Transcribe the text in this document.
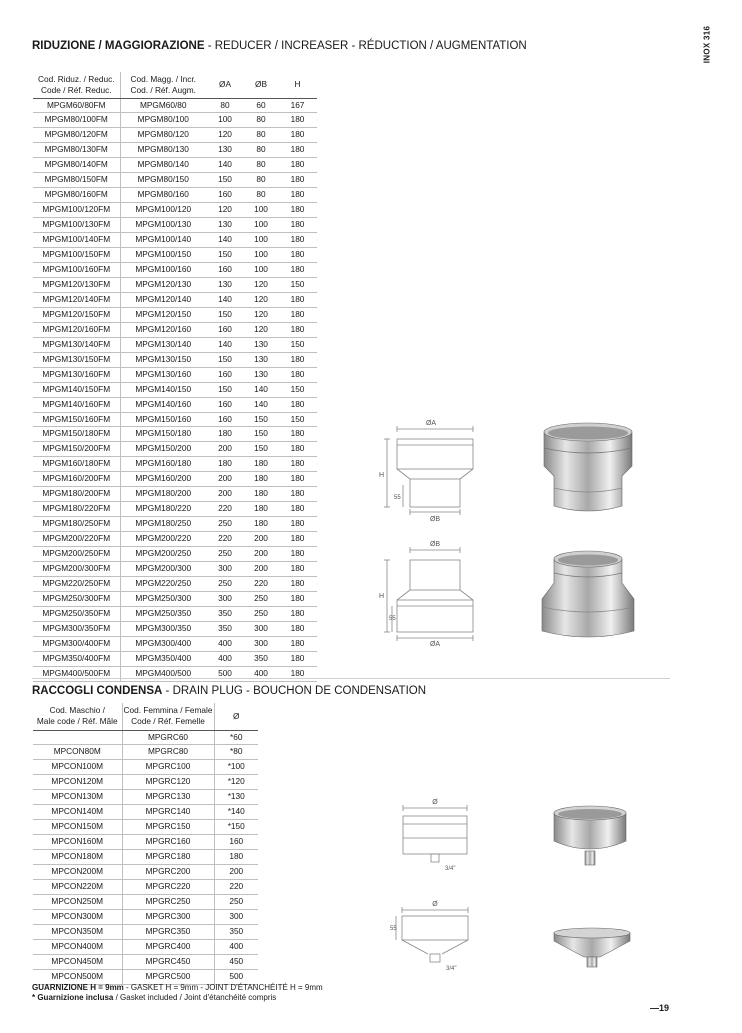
INOX 316
RIDUZIONE / MAGGIORAZIONE - REDUCER / INCREASER - RÉDUCTION / AUGMENTATION
Cod. Riduz. / Reduc.
Code / Réf. Reduc.	Cod. Magg. / Incr.
Cod. / Réf. Augm.	ØA	ØB	H
MPGM60/80FM	MPGM60/80	80	60	167
MPGM80/100FM	MPGM80/100	100	80	180
MPGM80/120FM	MPGM80/120	120	80	180
MPGM80/130FM	MPGM80/130	130	80	180
MPGM80/140FM	MPGM80/140	140	80	180
MPGM80/150FM	MPGM80/150	150	80	180
MPGM80/160FM	MPGM80/160	160	80	180
MPGM100/120FM	MPGM100/120	120	100	180
MPGM100/130FM	MPGM100/130	130	100	180
MPGM100/140FM	MPGM100/140	140	100	180
MPGM100/150FM	MPGM100/150	150	100	180
MPGM100/160FM	MPGM100/160	160	100	180
MPGM120/130FM	MPGM120/130	130	120	150
MPGM120/140FM	MPGM120/140	140	120	180
MPGM120/150FM	MPGM120/150	150	120	180
MPGM120/160FM	MPGM120/160	160	120	180
MPGM130/140FM	MPGM130/140	140	130	150
MPGM130/150FM	MPGM130/150	150	130	180
MPGM130/160FM	MPGM130/160	160	130	180
MPGM140/150FM	MPGM140/150	150	140	150
MPGM140/160FM	MPGM140/160	160	140	180
MPGM150/160FM	MPGM150/160	160	150	150
MPGM150/180FM	MPGM150/180	180	150	180
MPGM150/200FM	MPGM150/200	200	150	180
MPGM160/180FM	MPGM160/180	180	180	180
MPGM160/200FM	MPGM160/200	200	180	180
MPGM180/200FM	MPGM180/200	200	180	180
MPGM180/220FM	MPGM180/220	220	180	180
MPGM180/250FM	MPGM180/250	250	180	180
MPGM200/220FM	MPGM200/220	220	200	180
MPGM200/250FM	MPGM200/250	250	200	180
MPGM200/300FM	MPGM200/300	300	200	180
MPGM220/250FM	MPGM220/250	250	220	180
MPGM250/300FM	MPGM250/300	300	250	180
MPGM250/350FM	MPGM250/350	350	250	180
MPGM300/350FM	MPGM300/350	350	300	180
MPGM300/400FM	MPGM300/400	400	300	180
MPGM350/400FM	MPGM350/400	400	350	180
MPGM400/500FM	MPGM400/500	500	400	180
ØA
ØB
H
55
ØB
ØA
H
55
RACCOGLI CONDENSA - DRAIN PLUG - BOUCHON DE CONDENSATION
Cod. Maschio /
Male code / Réf. Mâle	Cod. Femmina / Female
Code / Réf. Femelle	Ø
	MPGRC60	*60
MPCON80M	MPGRC80	*80
MPCON100M	MPGRC100	*100
MPCON120M	MPGRC120	*120
MPCON130M	MPGRC130	*130
MPCON140M	MPGRC140	*140
MPCON150M	MPGRC150	*150
MPCON160M	MPGRC160	160
MPCON180M	MPGRC180	180
MPCON200M	MPGRC200	200
MPCON220M	MPGRC220	220
MPCON250M	MPGRC250	250
MPCON300M	MPGRC300	300
MPCON350M	MPGRC350	350
MPCON400M	MPGRC400	400
MPCON450M	MPGRC450	450
MPCON500M	MPGRC500	500
Ø
3/4"
Ø
55
3/4"
GUARNIZIONE H = 9mm - GASKET H = 9mm - JOINT D'ÉTANCHÉITÉ H = 9mm
* Guarnizione inclusa / Gasket included / Joint d'étanchéité compris
—19
